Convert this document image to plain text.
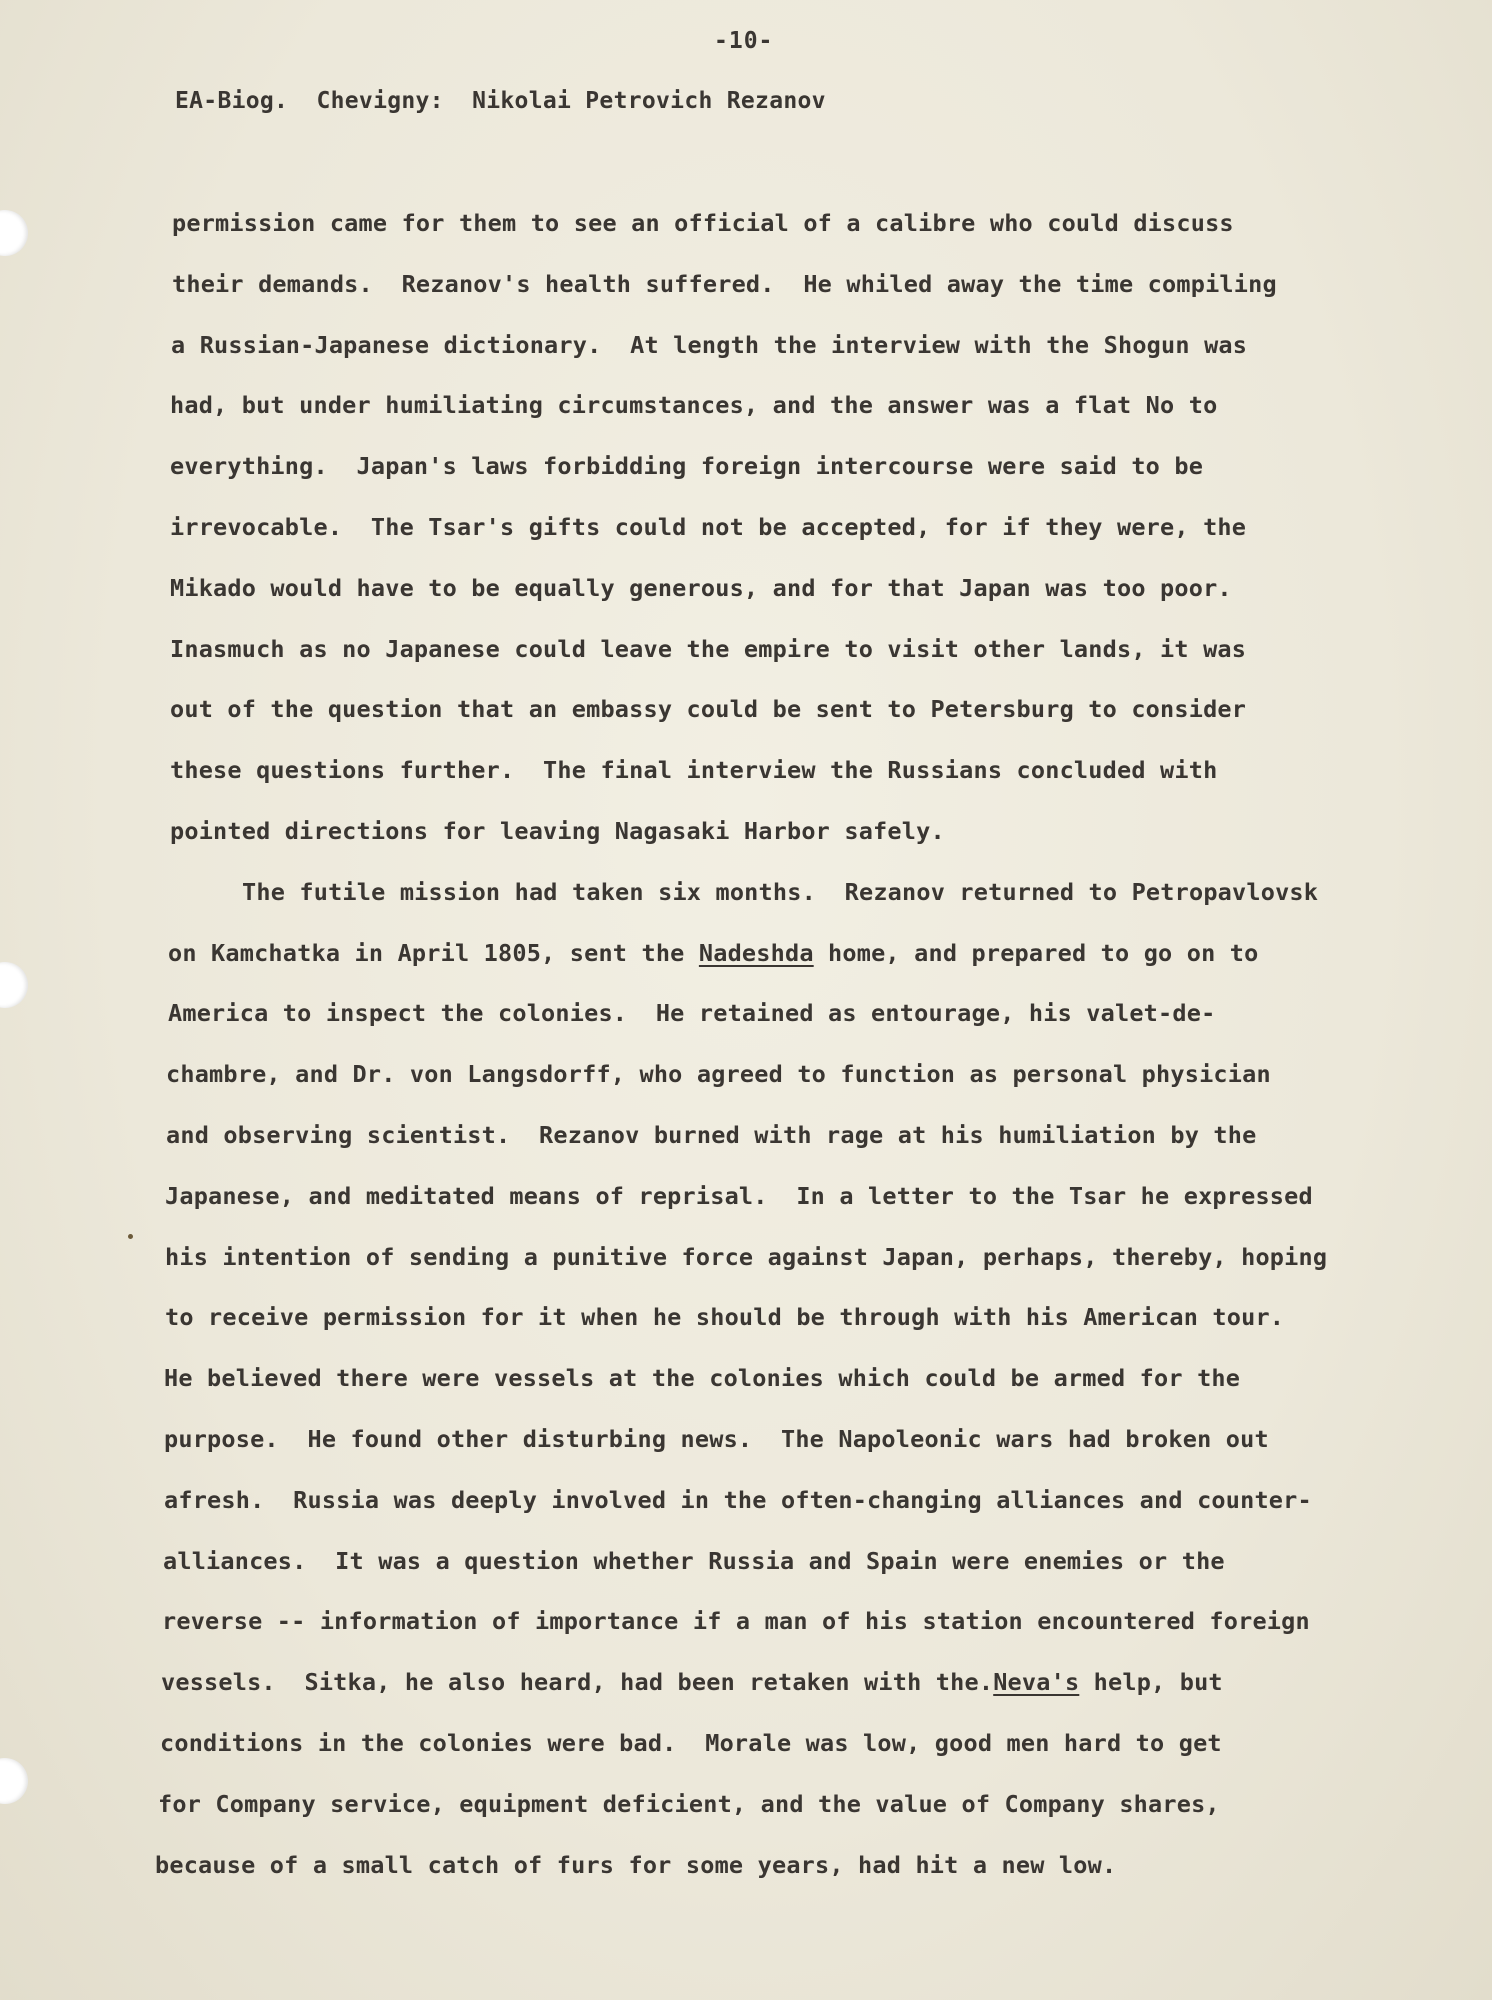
-10-
EA-Biog. Chevigny: Nikolai Petrovich Rezanov
permission came for them to see an official of a calibre who could discuss
their demands.  Rezanov's health suffered.  He whiled away the time compiling
a Russian-Japanese dictionary.  At length the interview with the Shogun was
had, but under humiliating circumstances, and the answer was a flat No to
everything.  Japan's laws forbidding foreign intercourse were said to be
irrevocable.  The Tsar's gifts could not be accepted, for if they were, the
Mikado would have to be equally generous, and for that Japan was too poor.
Inasmuch as no Japanese could leave the empire to visit other lands, it was
out of the question that an embassy could be sent to Petersburg to consider
these questions further.  The final interview the Russians concluded with
pointed directions for leaving Nagasaki Harbor safely.
The futile mission had taken six months.  Rezanov returned to Petropavlovsk
on Kamchatka in April 1805, sent the Nadeshda home, and prepared to go on to
America to inspect the colonies.  He retained as entourage, his valet-de-
chambre, and Dr. von Langsdorff, who agreed to function as personal physician
and observing scientist.  Rezanov burned with rage at his humiliation by the
Japanese, and meditated means of reprisal.  In a letter to the Tsar he expressed
his intention of sending a punitive force against Japan, perhaps, thereby, hoping
to receive permission for it when he should be through with his American tour.
He believed there were vessels at the colonies which could be armed for the
purpose.  He found other disturbing news.  The Napoleonic wars had broken out
afresh.  Russia was deeply involved in the often-changing alliances and counter-
alliances.  It was a question whether Russia and Spain were enemies or the
reverse -- information of importance if a man of his station encountered foreign
vessels.  Sitka, he also heard, had been retaken with the.Neva's help, but
conditions in the colonies were bad.  Morale was low, good men hard to get
for Company service, equipment deficient, and the value of Company shares,
because of a small catch of furs for some years, had hit a new low.
